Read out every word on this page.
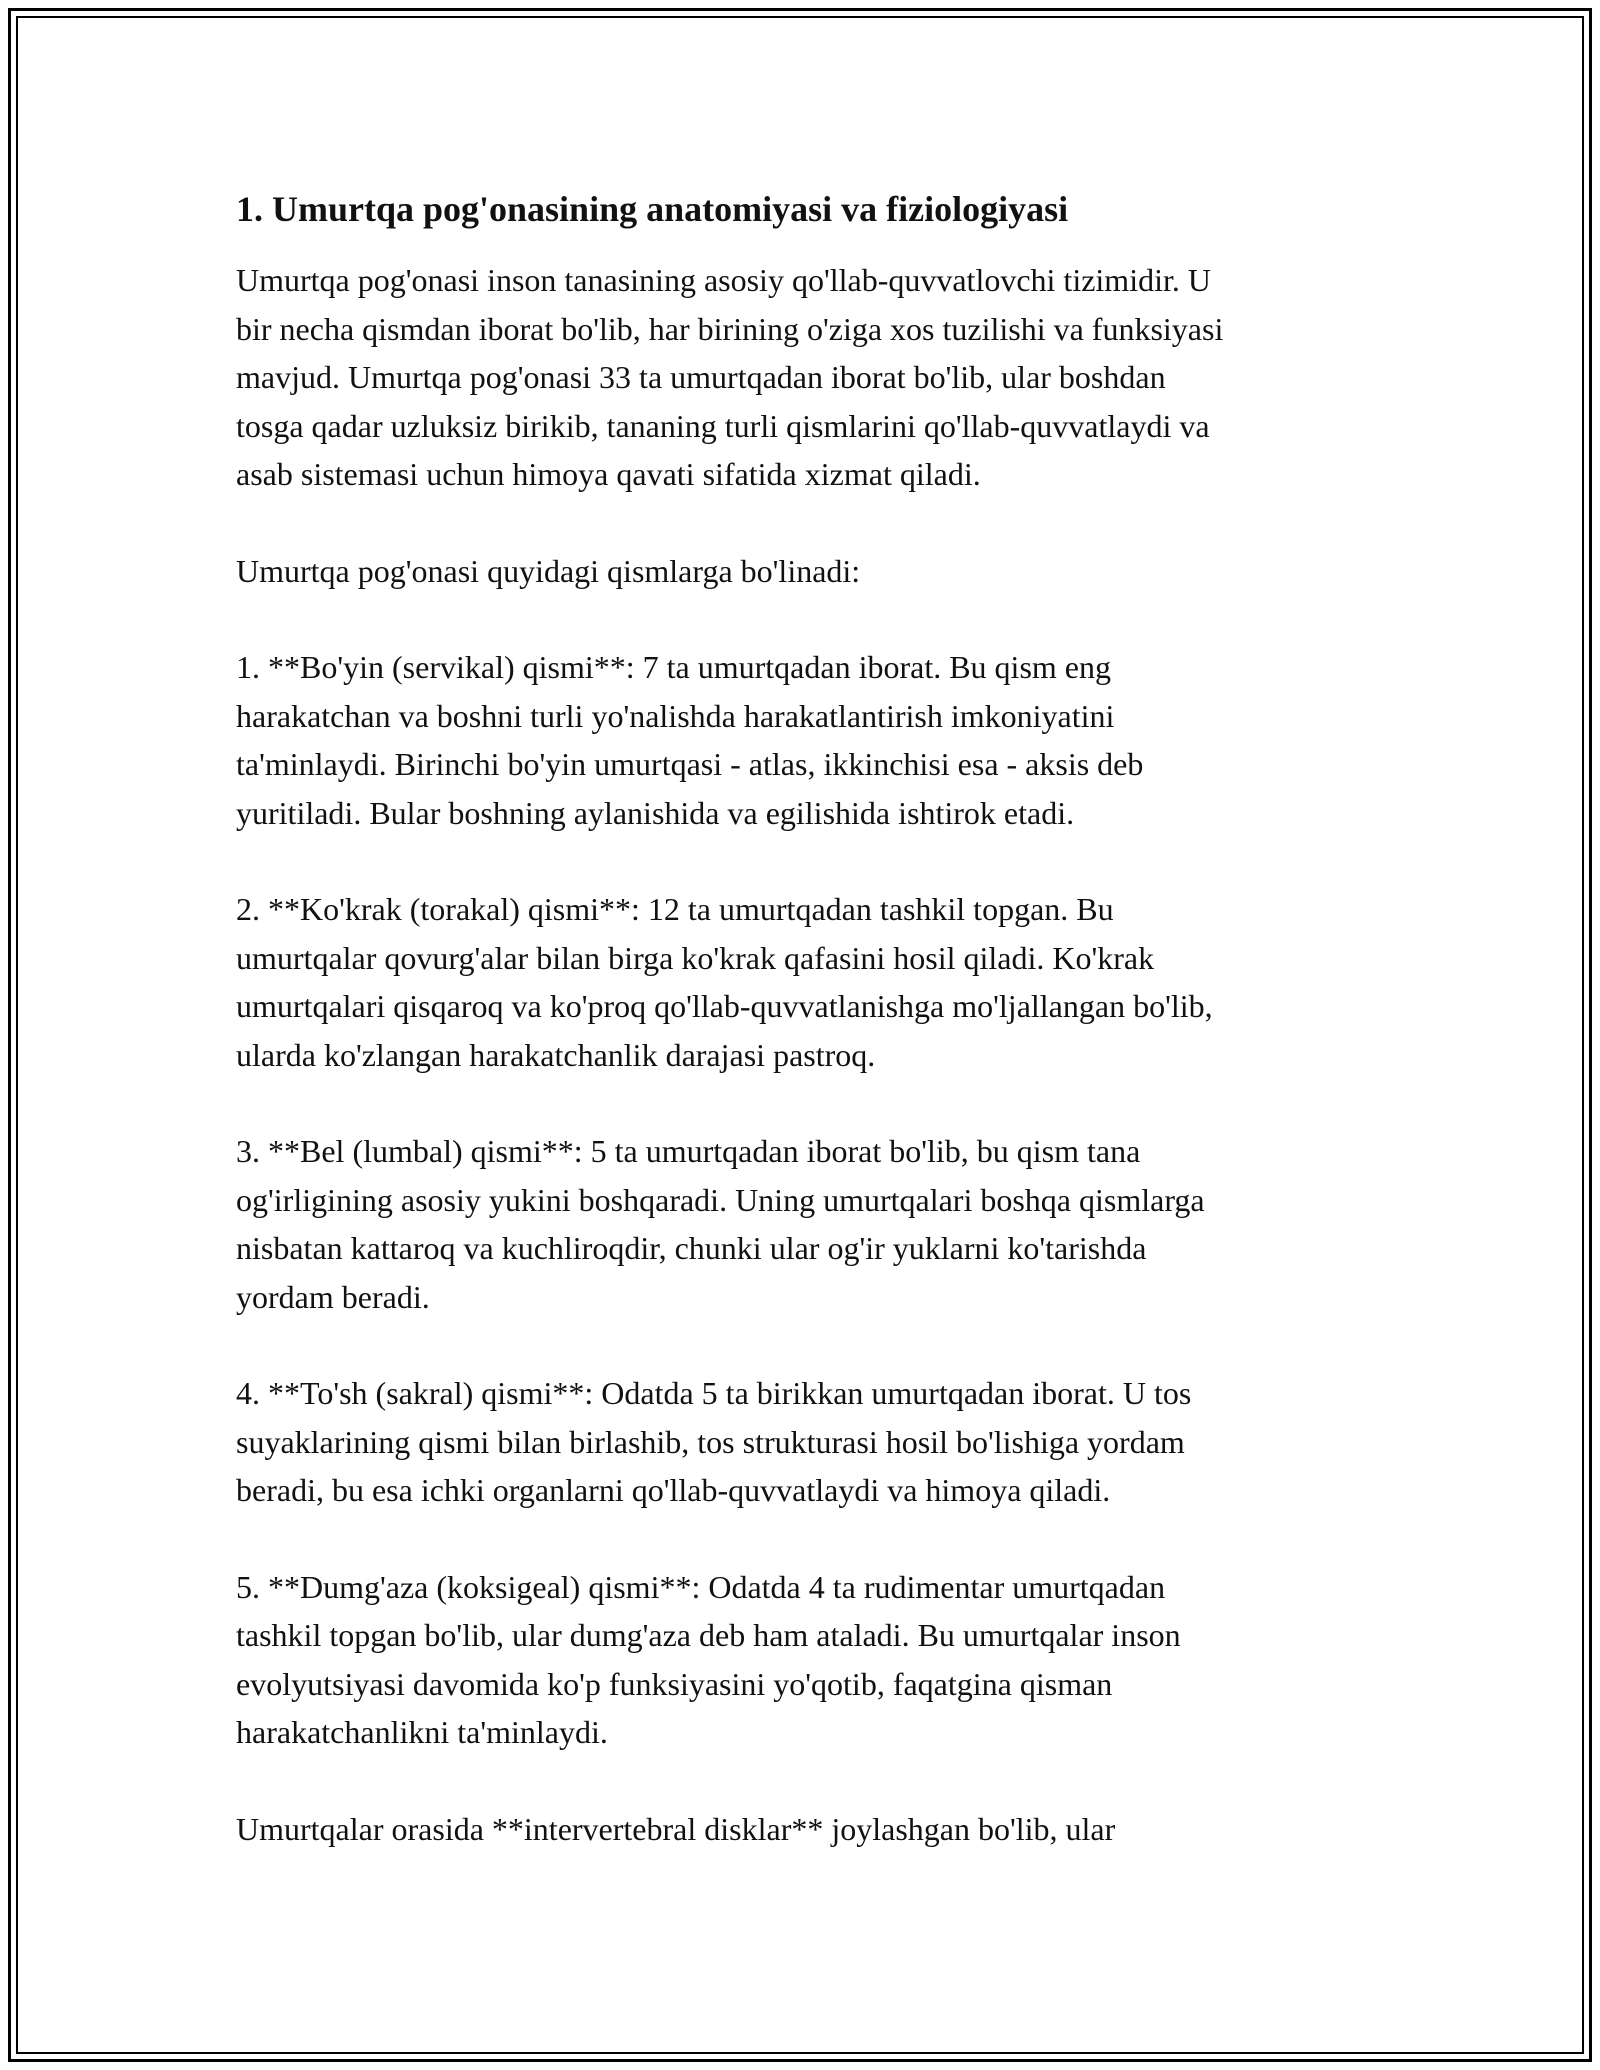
1. Umurtqa pog'onasining anatomiyasi va fiziologiyasi

Umurtqa pog'onasi inson tanasining asosiy qo'llab-quvvatlovchi tizimidir. U
bir necha qismdan iborat bo'lib, har birining o'ziga xos tuzilishi va funksiyasi
mavjud. Umurtqa pog'onasi 33 ta umurtqadan iborat bo'lib, ular boshdan
tosga qadar uzluksiz birikib, tananing turli qismlarini qo'llab-quvvatlaydi va
asab sistemasi uchun himoya qavati sifatida xizmat qiladi.

Umurtqa pog'onasi quyidagi qismlarga bo'linadi:

1. **Bo'yin (servikal) qismi**: 7 ta umurtqadan iborat. Bu qism eng
harakatchan va boshni turli yo'nalishda harakatlantirish imkoniyatini
ta'minlaydi. Birinchi bo'yin umurtqasi - atlas, ikkinchisi esa - aksis deb
yuritiladi. Bular boshning aylanishida va egilishida ishtirok etadi.

2. **Ko'krak (torakal) qismi**: 12 ta umurtqadan tashkil topgan. Bu
umurtqalar qovurg'alar bilan birga ko'krak qafasini hosil qiladi. Ko'krak
umurtqalari qisqaroq va ko'proq qo'llab-quvvatlanishga mo'ljallangan bo'lib,
ularda ko'zlangan harakatchanlik darajasi pastroq.

3. **Bel (lumbal) qismi**: 5 ta umurtqadan iborat bo'lib, bu qism tana
og'irligining asosiy yukini boshqaradi. Uning umurtqalari boshqa qismlarga
nisbatan kattaroq va kuchliroqdir, chunki ular og'ir yuklarni ko'tarishda
yordam beradi.

4. **To'sh (sakral) qismi**: Odatda 5 ta birikkan umurtqadan iborat. U tos
suyaklarining qismi bilan birlashib, tos strukturasi hosil bo'lishiga yordam
beradi, bu esa ichki organlarni qo'llab-quvvatlaydi va himoya qiladi.

5. **Dumg'aza (koksigeal) qismi**: Odatda 4 ta rudimentar umurtqadan
tashkil topgan bo'lib, ular dumg'aza deb ham ataladi. Bu umurtqalar inson
evolyutsiyasi davomida ko'p funksiyasini yo'qotib, faqatgina qisman
harakatchanlikni ta'minlaydi.

Umurtqalar orasida **intervertebral disklar** joylashgan bo'lib, ular
